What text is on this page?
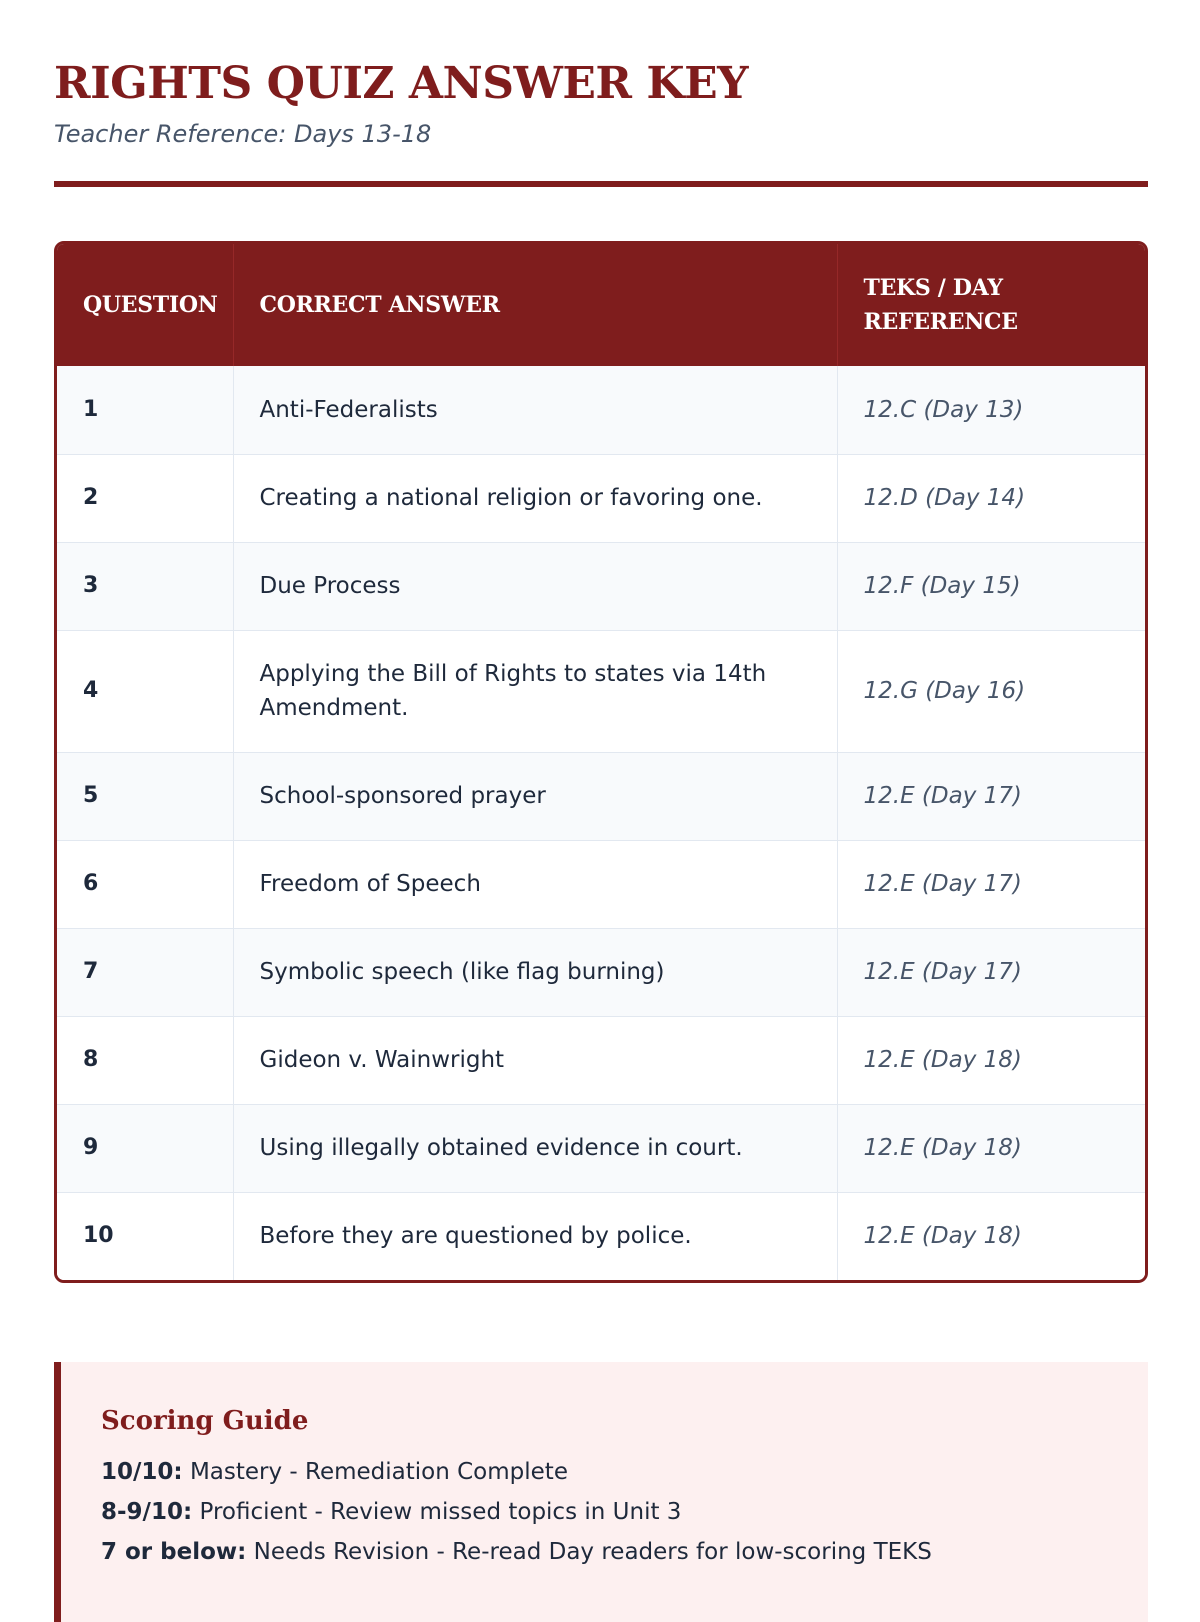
RIGHTS QUIZ ANSWER KEY
Teacher Reference: Days 13-18
QUESTION	CORRECT ANSWER	TEKS / DAY REFERENCE
1	Anti-Federalists	12.C (Day 13)
2	Creating a national religion or favoring one.	12.D (Day 14)
3	Due Process	12.F (Day 15)
4	Applying the Bill of Rights to states via 14th Amendment.	12.G (Day 16)
5	School-sponsored prayer	12.E (Day 17)
6	Freedom of Speech	12.E (Day 17)
7	Symbolic speech (like flag burning)	12.E (Day 17)
8	Gideon v. Wainwright	12.E (Day 18)
9	Using illegally obtained evidence in court.	12.E (Day 18)
10	Before they are questioned by police.	12.E (Day 18)
Scoring Guide
10/10: Mastery - Remediation Complete
8-9/10: Proficient - Review missed topics in Unit 3
7 or below: Needs Revision - Re-read Day readers for low-scoring TEKS
